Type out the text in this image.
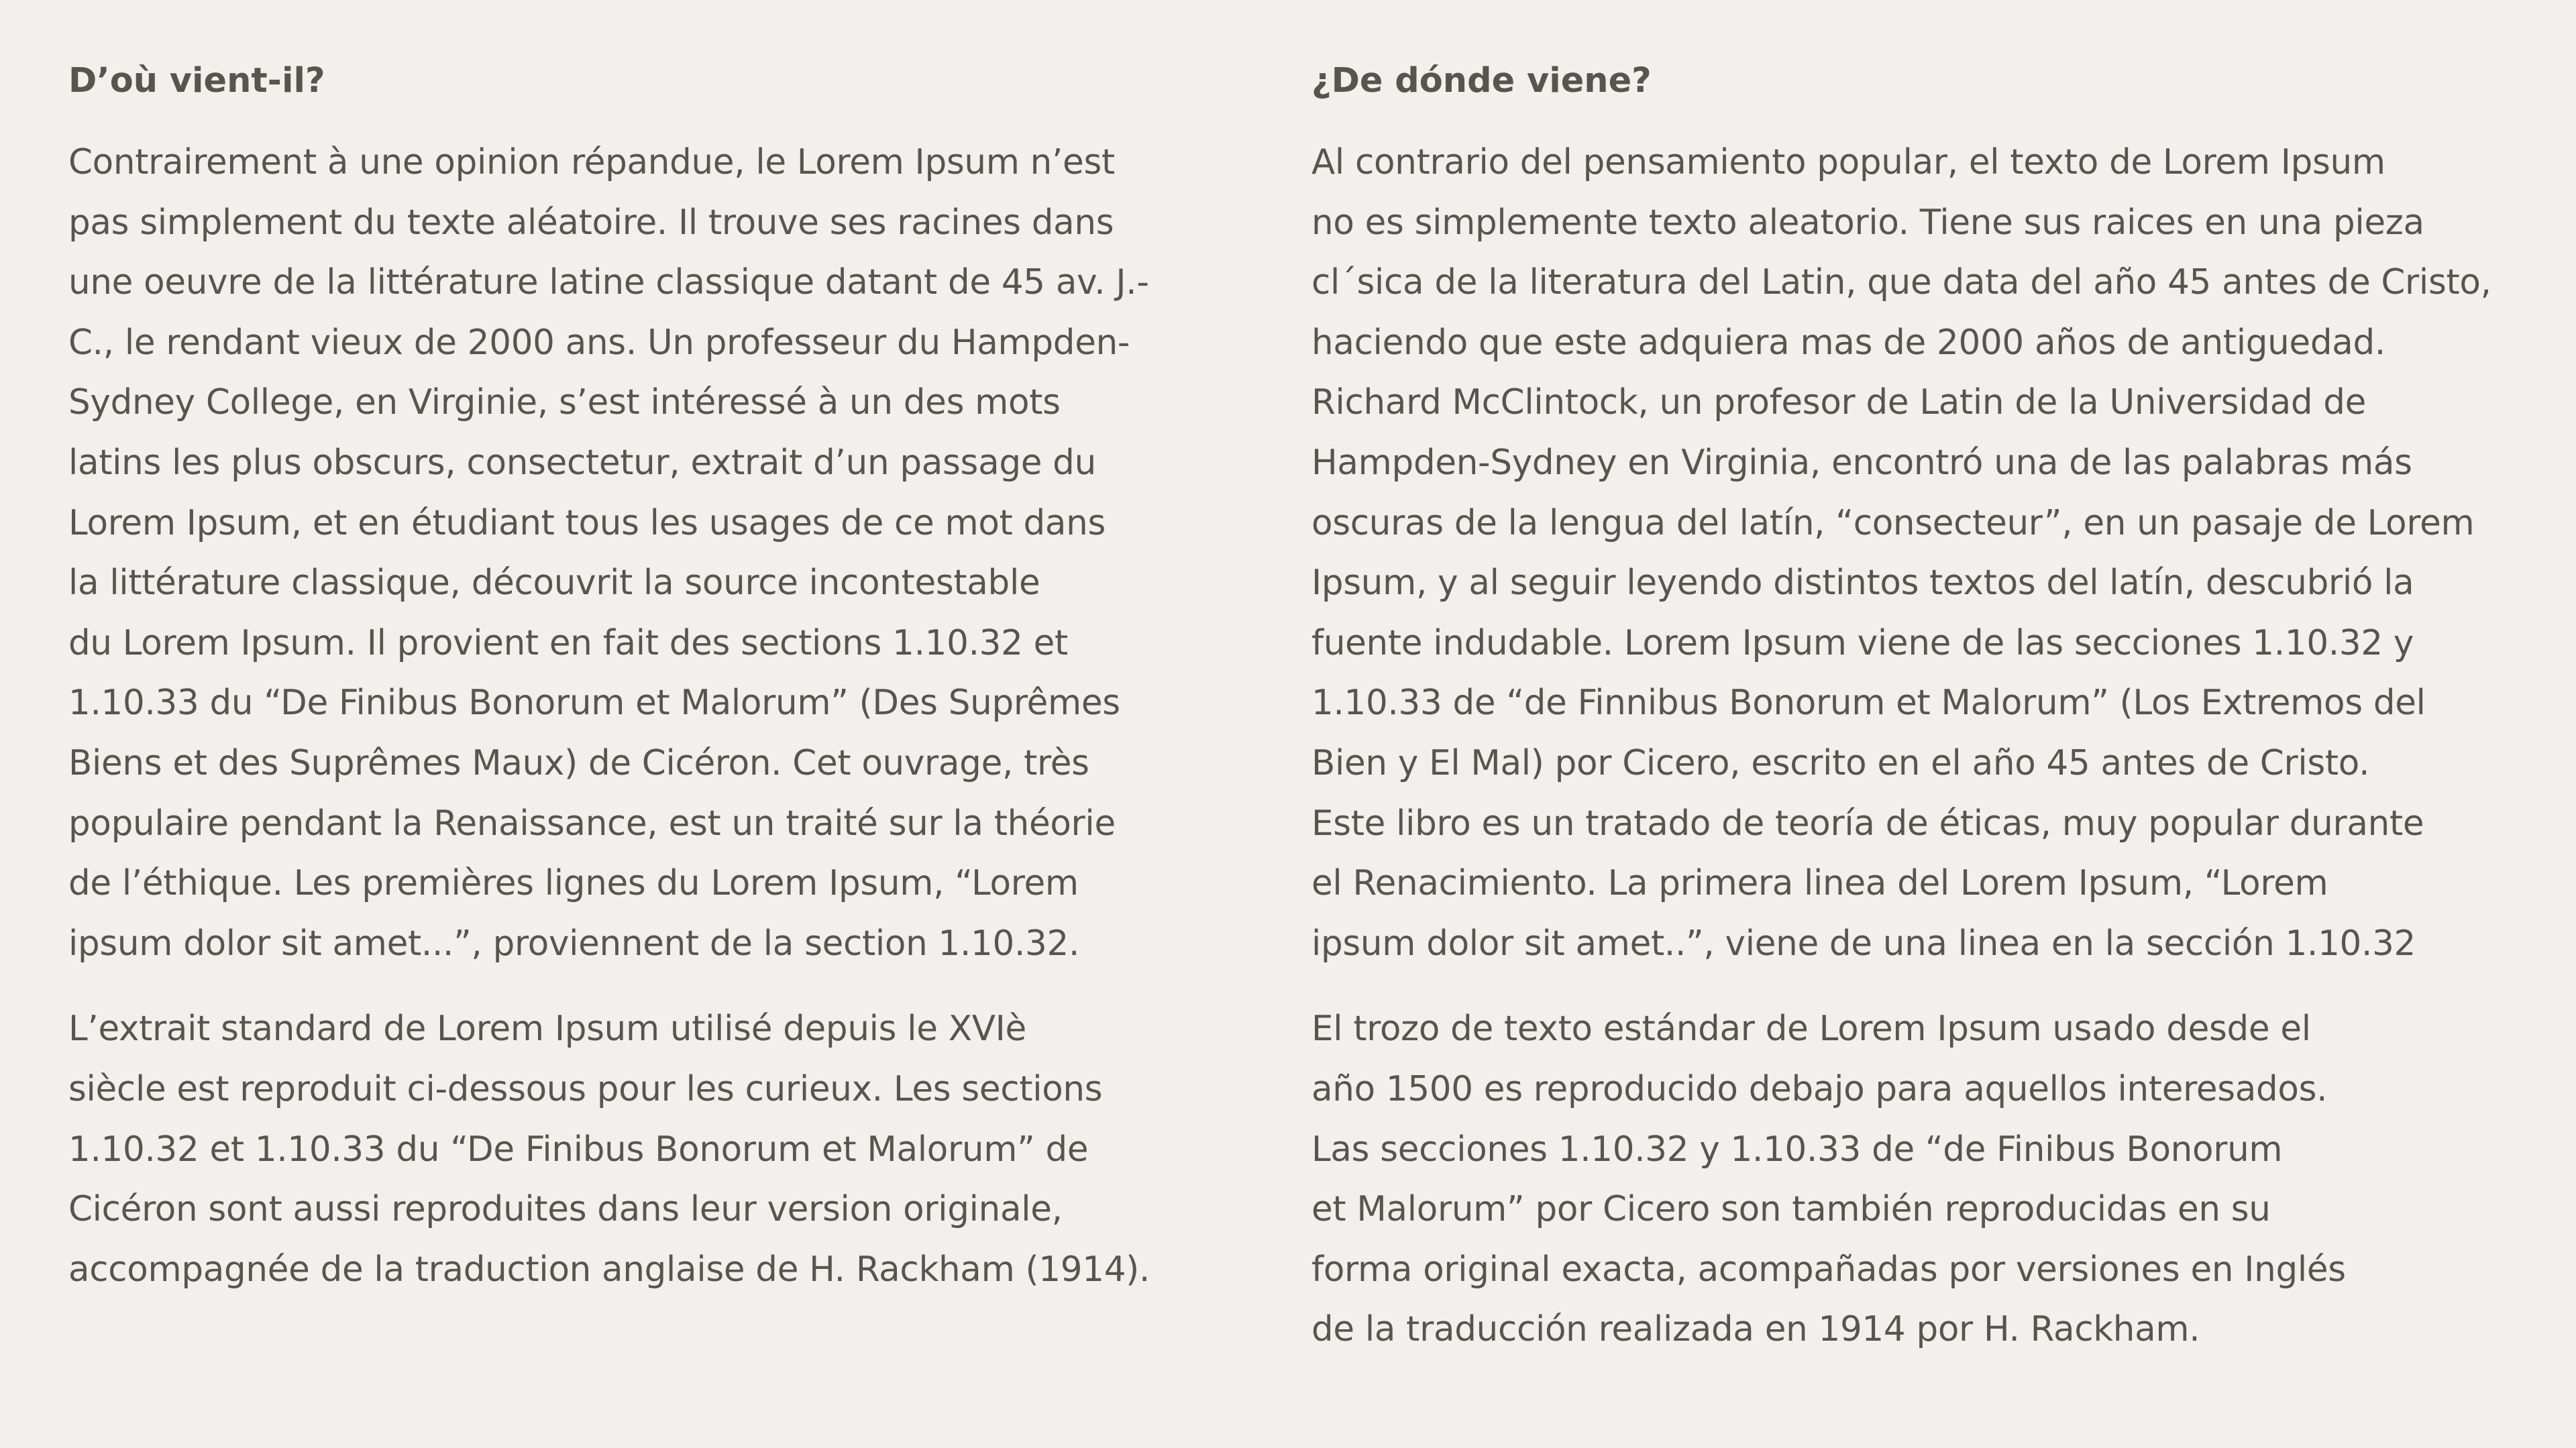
D’où vient-il?
Contrairement à une opinion répandue, le Lorem Ipsum n’est
pas simplement du texte aléatoire. Il trouve ses racines dans
une oeuvre de la littérature latine classique datant de 45 av. J.-
C., le rendant vieux de 2000 ans. Un professeur du Hampden-
Sydney College, en Virginie, s’est intéressé à un des mots
latins les plus obscurs, consectetur, extrait d’un passage du
Lorem Ipsum, et en étudiant tous les usages de ce mot dans
la littérature classique, découvrit la source incontestable
du Lorem Ipsum. Il provient en fait des sections 1.10.32 et
1.10.33 du “De Finibus Bonorum et Malorum” (Des Suprêmes
Biens et des Suprêmes Maux) de Cicéron. Cet ouvrage, très
populaire pendant la Renaissance, est un traité sur la théorie
de l’éthique. Les premières lignes du Lorem Ipsum, “Lorem
ipsum dolor sit amet...”, proviennent de la section 1.10.32.
L’extrait standard de Lorem Ipsum utilisé depuis le XVIè
siècle est reproduit ci-dessous pour les curieux. Les sections
1.10.32 et 1.10.33 du “De Finibus Bonorum et Malorum” de
Cicéron sont aussi reproduites dans leur version originale,
accompagnée de la traduction anglaise de H. Rackham (1914).
¿De dónde viene?
Al contrario del pensamiento popular, el texto de Lorem Ipsum
no es simplemente texto aleatorio. Tiene sus raices en una pieza
cl´sica de la literatura del Latin, que data del año 45 antes de Cristo,
haciendo que este adquiera mas de 2000 años de antiguedad.
Richard McClintock, un profesor de Latin de la Universidad de
Hampden-Sydney en Virginia, encontró una de las palabras más
oscuras de la lengua del latín, “consecteur”, en un pasaje de Lorem
Ipsum, y al seguir leyendo distintos textos del latín, descubrió la
fuente indudable. Lorem Ipsum viene de las secciones 1.10.32 y
1.10.33 de “de Finnibus Bonorum et Malorum” (Los Extremos del
Bien y El Mal) por Cicero, escrito en el año 45 antes de Cristo.
Este libro es un tratado de teoría de éticas, muy popular durante
el Renacimiento. La primera linea del Lorem Ipsum, “Lorem
ipsum dolor sit amet..”, viene de una linea en la sección 1.10.32
El trozo de texto estándar de Lorem Ipsum usado desde el
año 1500 es reproducido debajo para aquellos interesados.
Las secciones 1.10.32 y 1.10.33 de “de Finibus Bonorum
et Malorum” por Cicero son también reproducidas en su
forma original exacta, acompañadas por versiones en Inglés
de la traducción realizada en 1914 por H. Rackham.
